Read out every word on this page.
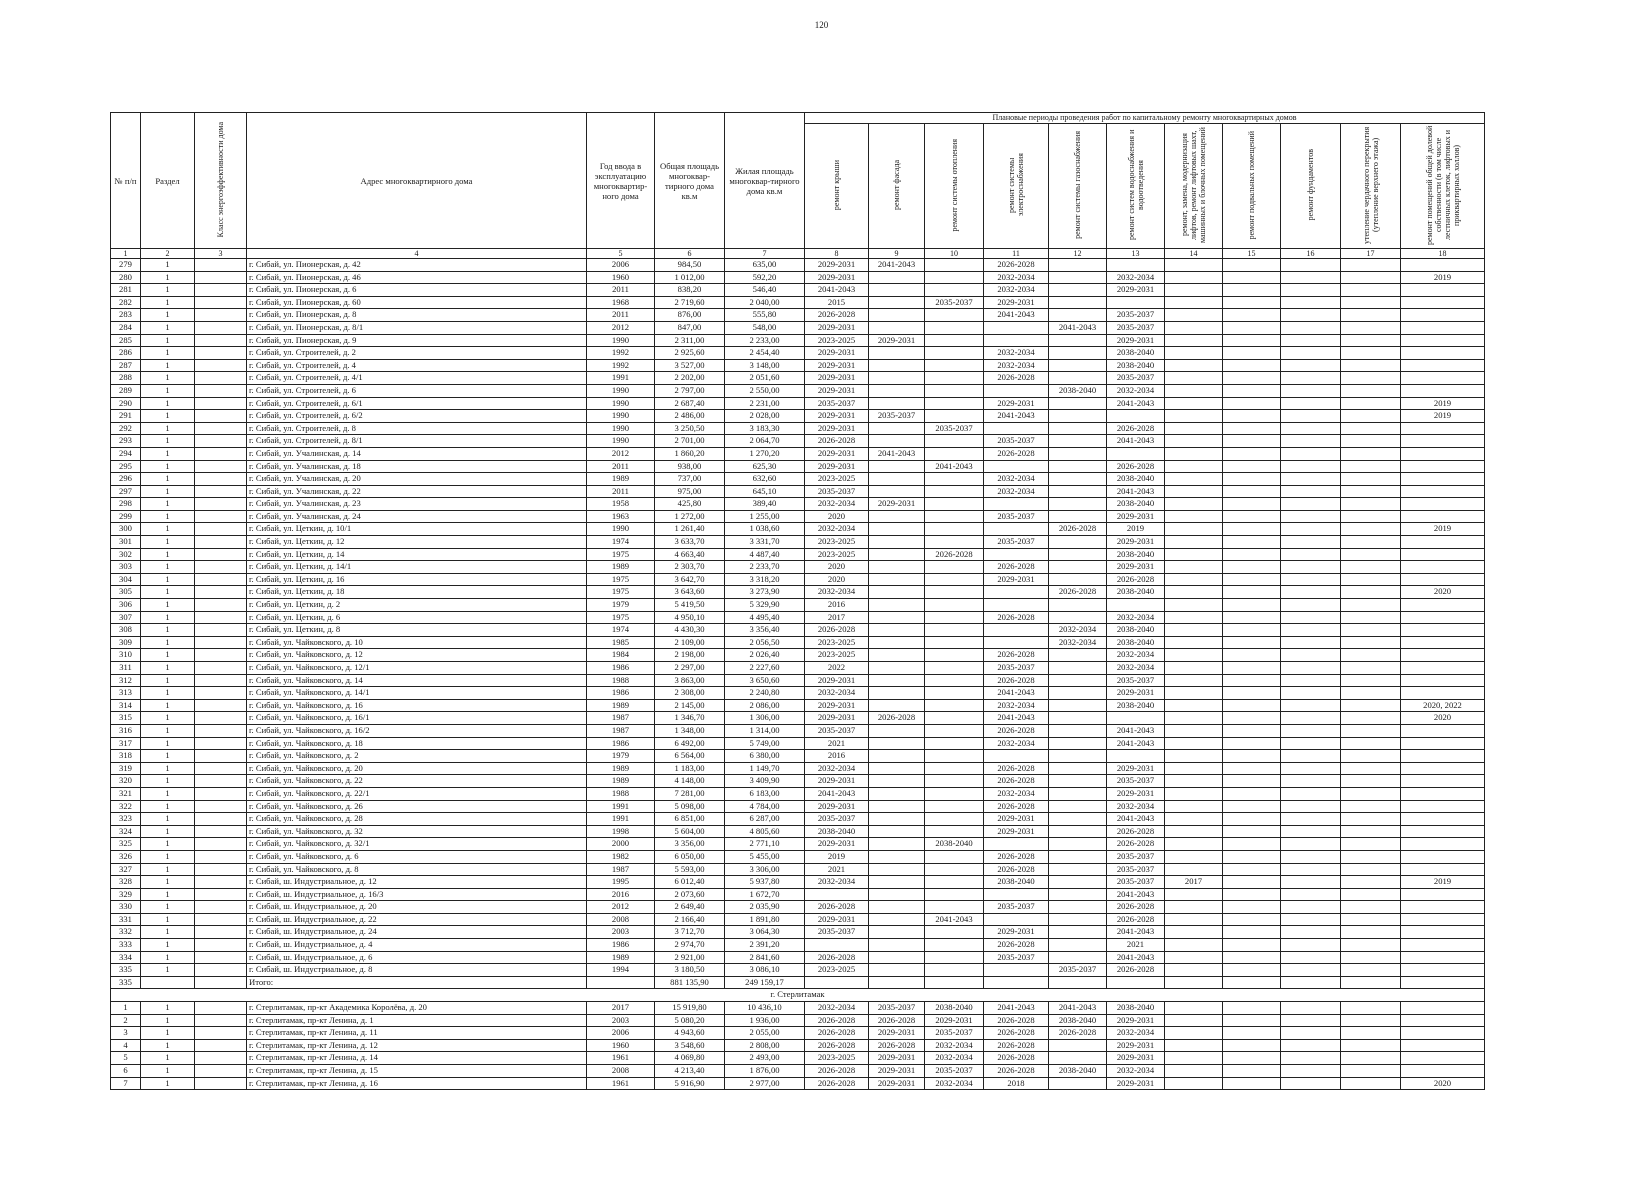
120
№ п/п	Раздел	Класс энергоэффективности дома	Адрес многоквартирного дома	Год ввода в эксплуатацию многоквартир-ного дома	Общая площадь многоквар-тирного дома кв.м	Жилая площадь многоквар-тирного дома кв.м	Плановые периоды проведения работ по капитальному ремонту многоквартирных домов										
							ремонт крыши	ремонт фасада	ремонт системы отопления	ремонт системы электроснабжения	ремонт системы газоснабжения	ремонт систем водоснабжения и водоотведения	ремонт, замена, модернизация лифтов, ремонт лифтовых шахт, машинных и блочных помещений	ремонт подвальных помещений	ремонт фундаментов	утепление чердачного перекрытия (утепление верхнего этажа)	ремонт помещений общей долевой собственности (в том числе лестничных клеток, лифтовых и приквартирных холлов)
1	2	3	4	5	6	7	8	9	10	11	12	13	14	15	16	17	18
279	1		г. Сибай, ул. Пионерская, д. 42	2006	984,50	635,00	2029-2031	2041-2043		2026-2028							
280	1		г. Сибай, ул. Пионерская, д. 46	1960	1 012,00	592,20	2029-2031			2032-2034		2032-2034					2019
281	1		г. Сибай, ул. Пионерская, д. 6	2011	838,20	546,40	2041-2043			2032-2034		2029-2031					
282	1		г. Сибай, ул. Пионерская, д. 60	1968	2 719,60	2 040,00	2015		2035-2037	2029-2031							
283	1		г. Сибай, ул. Пионерская, д. 8	2011	876,00	555,80	2026-2028			2041-2043		2035-2037					
284	1		г. Сибай, ул. Пионерская, д. 8/1	2012	847,00	548,00	2029-2031				2041-2043	2035-2037					
285	1		г. Сибай, ул. Пионерская, д. 9	1990	2 311,00	2 233,00	2023-2025	2029-2031				2029-2031					
286	1		г. Сибай, ул. Строителей, д. 2	1992	2 925,60	2 454,40	2029-2031			2032-2034		2038-2040					
287	1		г. Сибай, ул. Строителей, д. 4	1992	3 527,00	3 148,00	2029-2031			2032-2034		2038-2040					
288	1		г. Сибай, ул. Строителей, д. 4/1	1991	2 202,00	2 051,60	2029-2031			2026-2028		2035-2037					
289	1		г. Сибай, ул. Строителей, д. 6	1990	2 797,00	2 550,00	2029-2031				2038-2040	2032-2034					
290	1		г. Сибай, ул. Строителей, д. 6/1	1990	2 687,40	2 231,00	2035-2037			2029-2031		2041-2043					2019
291	1		г. Сибай, ул. Строителей, д. 6/2	1990	2 486,00	2 028,00	2029-2031	2035-2037		2041-2043							2019
292	1		г. Сибай, ул. Строителей, д. 8	1990	3 250,50	3 183,30	2029-2031		2035-2037			2026-2028					
293	1		г. Сибай, ул. Строителей, д. 8/1	1990	2 701,00	2 064,70	2026-2028			2035-2037		2041-2043					
294	1		г. Сибай, ул. Учалинская, д. 14	2012	1 860,20	1 270,20	2029-2031	2041-2043		2026-2028							
295	1		г. Сибай, ул. Учалинская, д. 18	2011	938,00	625,30	2029-2031		2041-2043			2026-2028					
296	1		г. Сибай, ул. Учалинская, д. 20	1989	737,00	632,60	2023-2025			2032-2034		2038-2040					
297	1		г. Сибай, ул. Учалинская, д. 22	2011	975,00	645,10	2035-2037			2032-2034		2041-2043					
298	1		г. Сибай, ул. Учалинская, д. 23	1958	425,80	389,40	2032-2034	2029-2031				2038-2040					
299	1		г. Сибай, ул. Учалинская, д. 24	1963	1 272,00	1 255,00	2020			2035-2037		2029-2031					
300	1		г. Сибай, ул. Цеткин, д. 10/1	1990	1 261,40	1 038,60	2032-2034				2026-2028	2019					2019
301	1		г. Сибай, ул. Цеткин, д. 12	1974	3 633,70	3 331,70	2023-2025			2035-2037		2029-2031					
302	1		г. Сибай, ул. Цеткин, д. 14	1975	4 663,40	4 487,40	2023-2025		2026-2028			2038-2040					
303	1		г. Сибай, ул. Цеткин, д. 14/1	1989	2 303,70	2 233,70	2020			2026-2028		2029-2031					
304	1		г. Сибай, ул. Цеткин, д. 16	1975	3 642,70	3 318,20	2020			2029-2031		2026-2028					
305	1		г. Сибай, ул. Цеткин, д. 18	1975	3 643,60	3 273,90	2032-2034				2026-2028	2038-2040					2020
306	1		г. Сибай, ул. Цеткин, д. 2	1979	5 419,50	5 329,90	2016										
307	1		г. Сибай, ул. Цеткин, д. 6	1975	4 950,10	4 495,40	2017			2026-2028		2032-2034					
308	1		г. Сибай, ул. Цеткин, д. 8	1974	4 430,30	3 356,40	2026-2028				2032-2034	2038-2040					
309	1		г. Сибай, ул. Чайковского, д. 10	1985	2 109,00	2 056,50	2023-2025				2032-2034	2038-2040					
310	1		г. Сибай, ул. Чайковского, д. 12	1984	2 198,00	2 026,40	2023-2025			2026-2028		2032-2034					
311	1		г. Сибай, ул. Чайковского, д. 12/1	1986	2 297,00	2 227,60	2022			2035-2037		2032-2034					
312	1		г. Сибай, ул. Чайковского, д. 14	1988	3 863,00	3 650,60	2029-2031			2026-2028		2035-2037					
313	1		г. Сибай, ул. Чайковского, д. 14/1	1986	2 308,00	2 240,80	2032-2034			2041-2043		2029-2031					
314	1		г. Сибай, ул. Чайковского, д. 16	1989	2 145,00	2 086,00	2029-2031			2032-2034		2038-2040					2020, 2022
315	1		г. Сибай, ул. Чайковского, д. 16/1	1987	1 346,70	1 306,00	2029-2031	2026-2028		2041-2043							2020
316	1		г. Сибай, ул. Чайковского, д. 16/2	1987	1 348,00	1 314,00	2035-2037			2026-2028		2041-2043					
317	1		г. Сибай, ул. Чайковского, д. 18	1986	6 492,00	5 749,00	2021			2032-2034		2041-2043					
318	1		г. Сибай, ул. Чайковского, д. 2	1979	6 564,00	6 380,00	2016										
319	1		г. Сибай, ул. Чайковского, д. 20	1989	1 183,00	1 149,70	2032-2034			2026-2028		2029-2031					
320	1		г. Сибай, ул. Чайковского, д. 22	1989	4 148,00	3 409,90	2029-2031			2026-2028		2035-2037					
321	1		г. Сибай, ул. Чайковского, д. 22/1	1988	7 281,00	6 183,00	2041-2043			2032-2034		2029-2031					
322	1		г. Сибай, ул. Чайковского, д. 26	1991	5 098,00	4 784,00	2029-2031			2026-2028		2032-2034					
323	1		г. Сибай, ул. Чайковского, д. 28	1991	6 851,00	6 287,00	2035-2037			2029-2031		2041-2043					
324	1		г. Сибай, ул. Чайковского, д. 32	1998	5 604,00	4 805,60	2038-2040			2029-2031		2026-2028					
325	1		г. Сибай, ул. Чайковского, д. 32/1	2000	3 356,00	2 771,10	2029-2031		2038-2040			2026-2028					
326	1		г. Сибай, ул. Чайковского, д. 6	1982	6 050,00	5 455,00	2019			2026-2028		2035-2037					
327	1		г. Сибай, ул. Чайковского, д. 8	1987	5 593,00	3 306,00	2021			2026-2028		2035-2037					
328	1		г. Сибай, ш. Индустриальное, д. 12	1995	6 012,40	5 937,80	2032-2034			2038-2040		2035-2037	2017				2019
329	1		г. Сибай, ш. Индустриальное, д. 16/3	2016	2 073,60	1 672,70						2041-2043					
330	1		г. Сибай, ш. Индустриальное, д. 20	2012	2 649,40	2 035,90	2026-2028			2035-2037		2026-2028					
331	1		г. Сибай, ш. Индустриальное, д. 22	2008	2 166,40	1 891,80	2029-2031		2041-2043			2026-2028					
332	1		г. Сибай, ш. Индустриальное, д. 24	2003	3 712,70	3 064,30	2035-2037			2029-2031		2041-2043					
333	1		г. Сибай, ш. Индустриальное, д. 4	1986	2 974,70	2 391,20				2026-2028		2021					
334	1		г. Сибай, ш. Индустриальное, д. 6	1989	2 921,00	2 841,60	2026-2028			2035-2037		2041-2043					
335	1		г. Сибай, ш. Индустриальное, д. 8	1994	3 180,50	3 086,10	2023-2025				2035-2037	2026-2028					
335			Итого:		881 135,90	249 159,17											
г. Стерлитамак																	
1	1		г. Стерлитамак, пр-кт Академика Королёва, д. 20	2017	15 919,80	10 436,10	2032-2034	2035-2037	2038-2040	2041-2043	2041-2043	2038-2040					
2	1		г. Стерлитамак, пр-кт Ленина, д. 1	2003	5 080,20	1 936,00	2026-2028	2026-2028	2029-2031	2026-2028	2038-2040	2029-2031					
3	1		г. Стерлитамак, пр-кт Ленина, д. 11	2006	4 943,60	2 055,00	2026-2028	2029-2031	2035-2037	2026-2028	2026-2028	2032-2034					
4	1		г. Стерлитамак, пр-кт Ленина, д. 12	1960	3 548,60	2 808,00	2026-2028	2026-2028	2032-2034	2026-2028		2029-2031					
5	1		г. Стерлитамак, пр-кт Ленина, д. 14	1961	4 069,80	2 493,00	2023-2025	2029-2031	2032-2034	2026-2028		2029-2031					
6	1		г. Стерлитамак, пр-кт Ленина, д. 15	2008	4 213,40	1 876,00	2026-2028	2029-2031	2035-2037	2026-2028	2038-2040	2032-2034					
7	1		г. Стерлитамак, пр-кт Ленина, д. 16	1961	5 916,90	2 977,00	2026-2028	2029-2031	2032-2034	2018		2029-2031					2020
